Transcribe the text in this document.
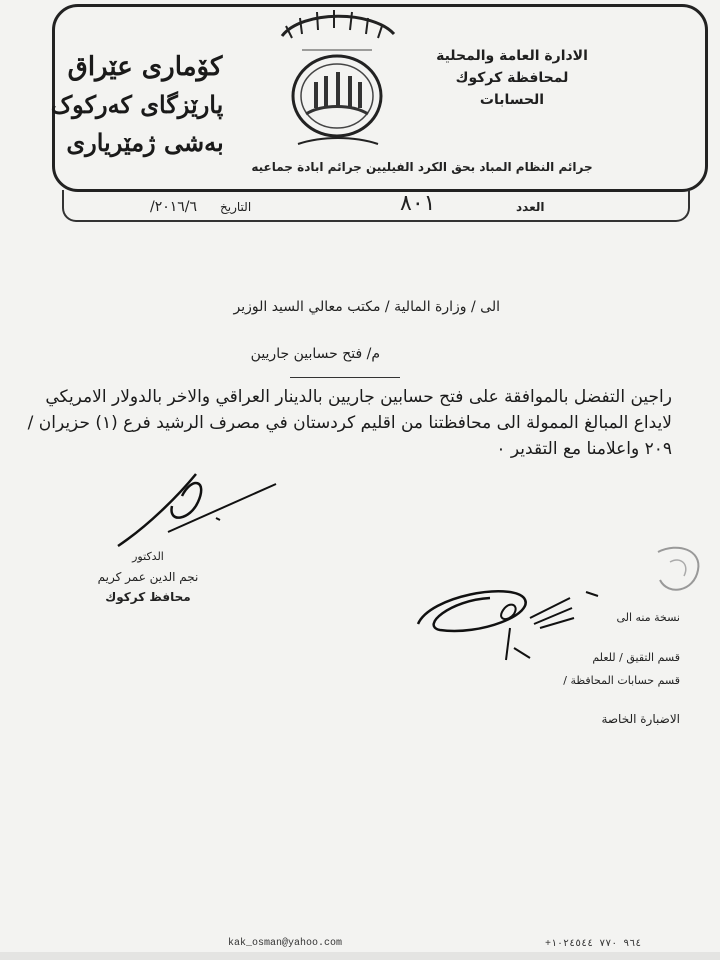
کۆماری عێراق
پارێزگای کەرکوک
بەشی ژمێریاری
الادارة العامة والمحلية
لمحافظة كركوك
الحسابات
جرائم النظام المباد بحق الكرد الفيليين جرائم ابادة جماعيه
التاريخ
٢٠١٦/٦/	٨٠١	العدد
الى / وزارة المالية / مكتب معالي السيد الوزير
م/ فتح حسابين جاريين
راجين التفضل بالموافقة على فتح حسابين جاريين بالدينار العراقي والاخر بالدولار الامريكي
لايداع المبالغ الممولة الى محافظتنا من اقليم كردستان في مصرف الرشيد فرع (١) حزيران /
٢٠٩ واعلامنا مع التقدير ٠
الدكتور
نجم الدين عمر كريم
محافظ كركوك
نسخة منه الى
قسم التقيق / للعلم
قسم حسابات المحافظة /
الاضبارة الخاصة
kak_osman@yahoo.com	+٩٦٤ ٧٧٠ ١٠٢٤٥٤٤
